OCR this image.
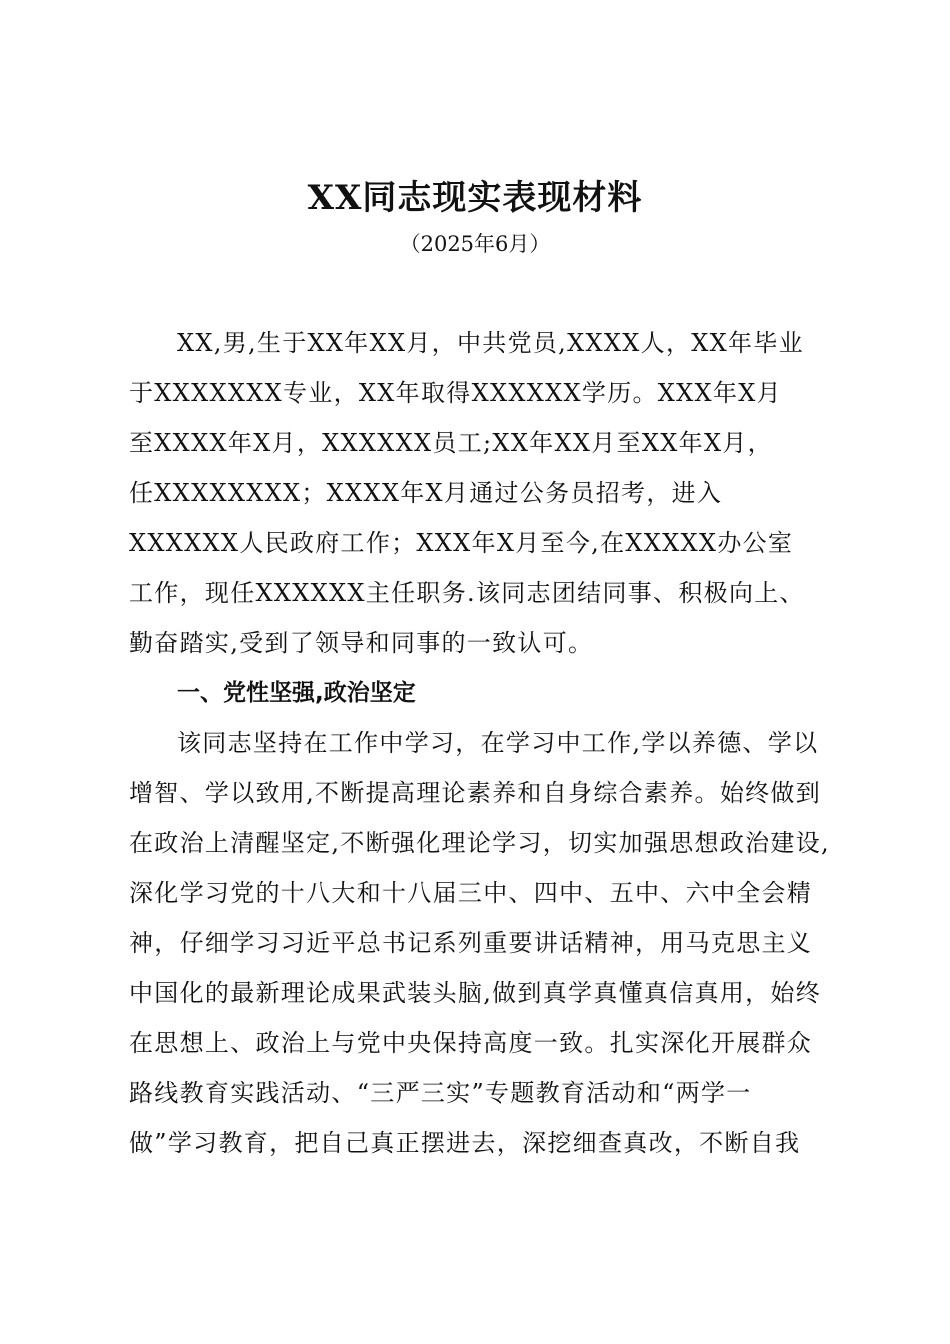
XX同志现实表现材料
（2025年6月）
XX,男,生于XX年XX月，中共党员,XXXX人，XX年毕业
于XXXXXXX专业，XX年取得XXXXXX学历。XXX年X月
至XXXX年X月，XXXXXX员工;XX年XX月至XX年X月，
任XXXXXXXX；XXXX年X月通过公务员招考，进入
XXXXXX人民政府工作；XXX年X月至今,在XXXXX办公室
工作，现任XXXXXX主任职务.该同志团结同事、积极向上、
勤奋踏实,受到了领导和同事的一致认可。
一、党性坚强,政治坚定
该同志坚持在工作中学习，在学习中工作,学以养德、学以
增智、学以致用,不断提高理论素养和自身综合素养。始终做到
在政治上清醒坚定,不断强化理论学习，切实加强思想政治建设,
深化学习党的十八大和十八届三中、四中、五中、六中全会精
神，仔细学习习近平总书记系列重要讲话精神，用马克思主义
中国化的最新理论成果武装头脑,做到真学真懂真信真用，始终
在思想上、政治上与党中央保持高度一致。扎实深化开展群众
路线教育实践活动、“三严三实”专题教育活动和“两学一
做”学习教育，把自己真正摆进去，深挖细查真改，不断自我
